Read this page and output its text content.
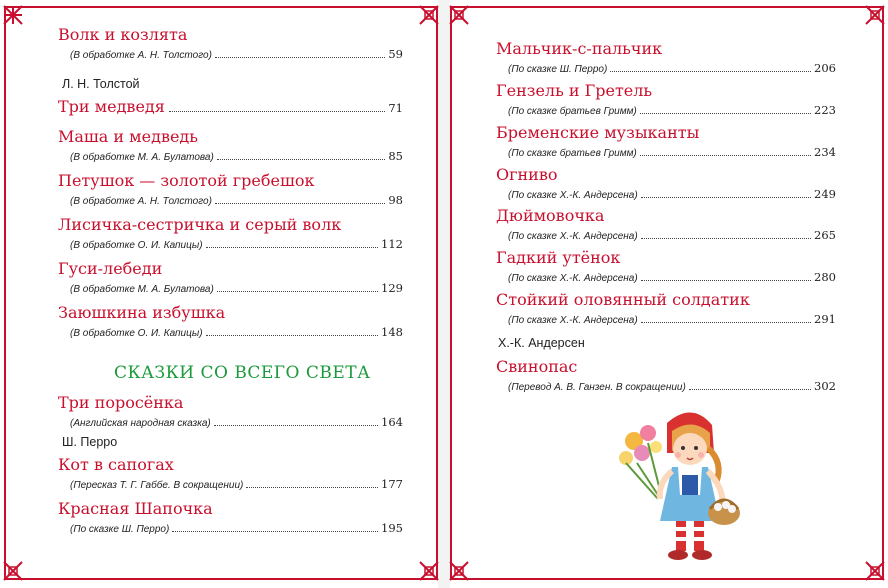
Волк и козлята
(В обработке А. Н. Толстого)	59
Л. Н. Толстой
Три медведя	71
Маша и медведь
(В обработке М. А. Булатова)	85
Петушок — золотой гребешок
(В обработке А. Н. Толстого)	98
Лисичка-сестричка и серый волк
(В обработке О. И. Капицы)	112
Гуси-лебеди
(В обработке М. А. Булатова)	129
Заюшкина избушка
(В обработке О. И. Капицы)	148
СКАЗКИ СО ВСЕГО СВЕТА
Три поросёнка
(Английская народная сказка)	164
Ш. Перро
Кот в сапогах
(Пересказ Т. Г. Габбе. В сокращении)	177
Красная Шапочка
(По сказке Ш. Перро)	195
Мальчик-с-пальчик
(По сказке Ш. Перро)	206
Гензель и Гретель
(По сказке братьев Гримм)	223
Бременские музыканты
(По сказке братьев Гримм)	234
Огниво
(По сказке Х.-К. Андерсена)	249
Дюймовочка
(По сказке Х.-К. Андерсена)	265
Гадкий утёнок
(По сказке Х.-К. Андерсена)	280
Стойкий оловянный солдатик
(По сказке Х.-К. Андерсена)	291
Х.-К. Андерсен
Свинопас
(Перевод А. В. Ганзен. В сокращении)	302
